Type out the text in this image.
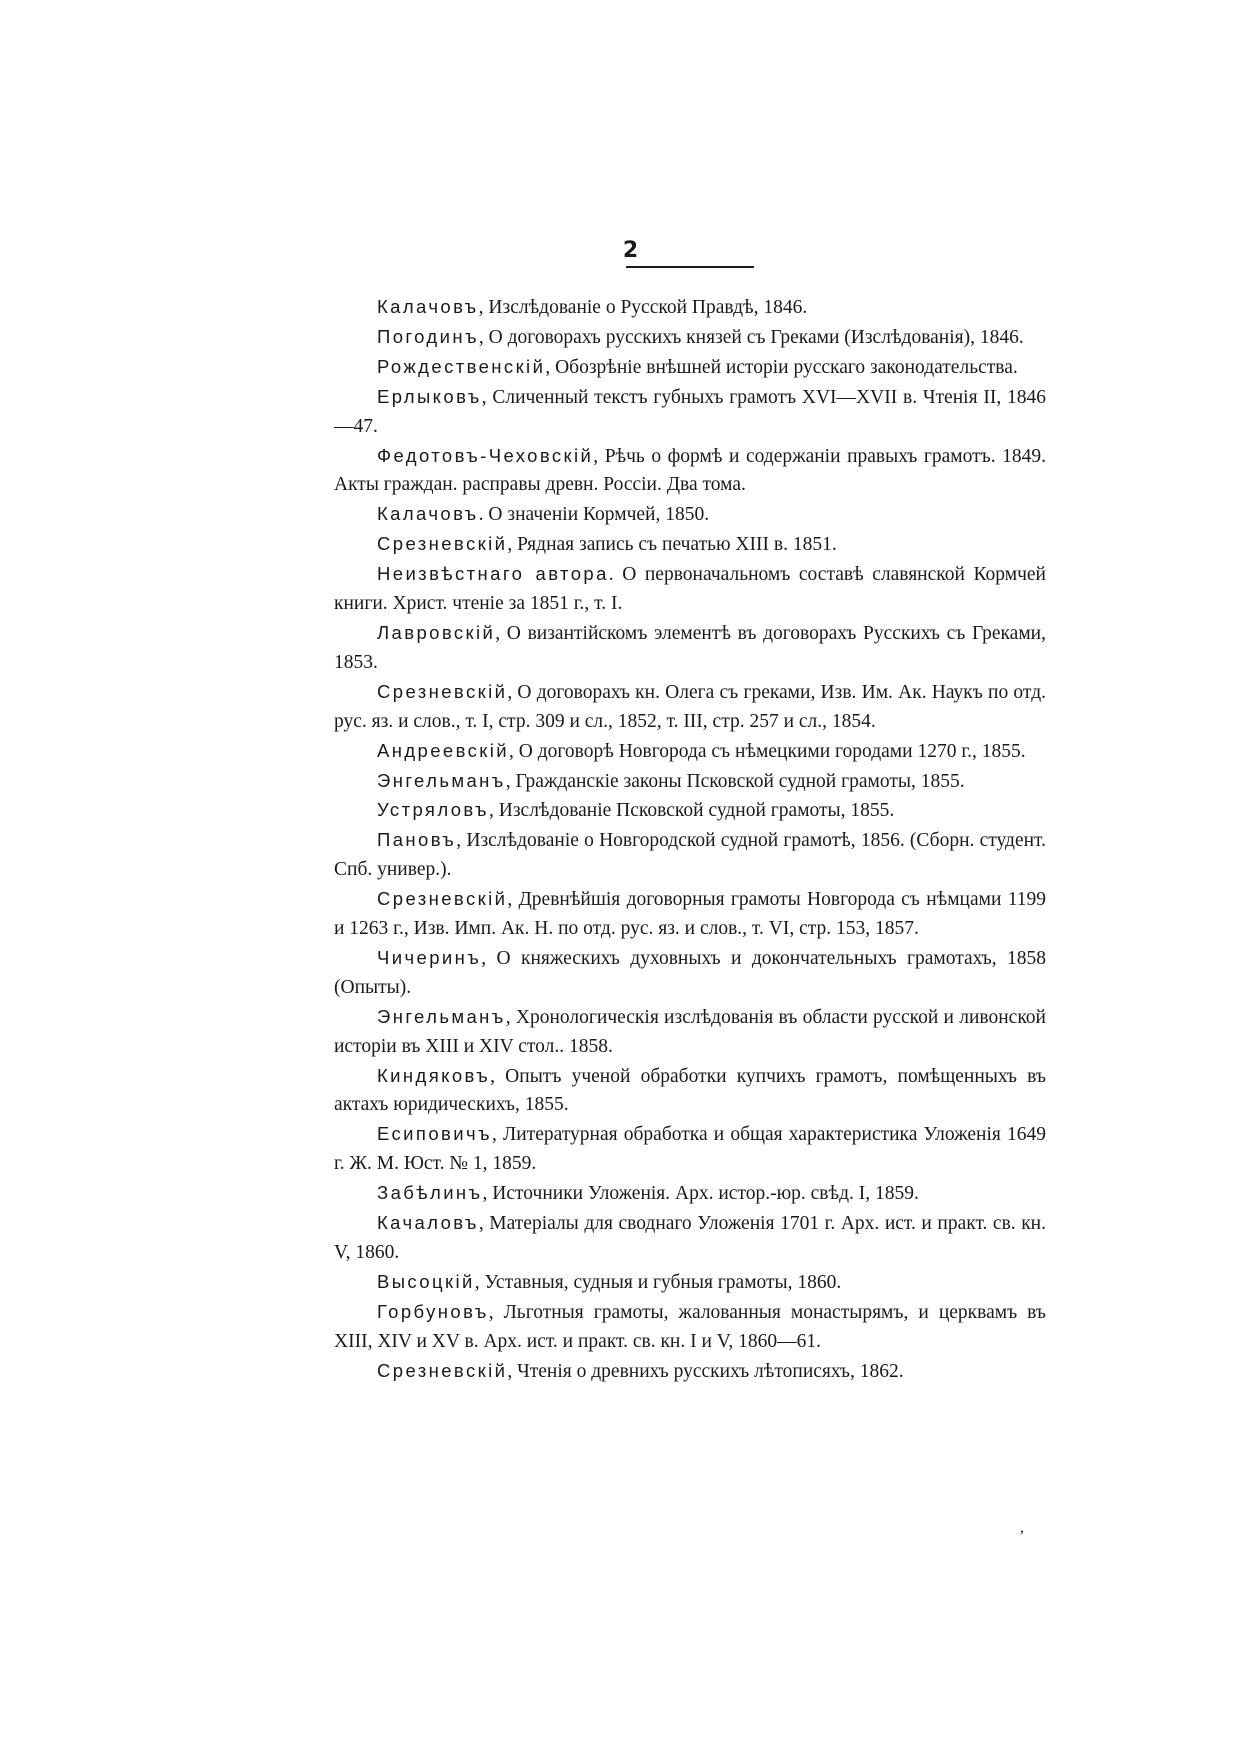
2

Калачовъ, Изслѣдованіе о Русской Правдѣ, 1846.

Погодинъ, О договорахъ русскихъ князей съ Греками (Изслѣдованія), 1846.

Рождественскій, Обозрѣніе внѣшней исторіи русскаго законодательства.

Ерлыковъ, Сличенный текстъ губныхъ грамотъ XVI—XVII в. Чтенія II, 1846—47.

Федотовъ-Чеховскій, Рѣчь о формѣ и содержаніи правыхъ грамотъ. 1849. Акты граждан. расправы древн. Россіи. Два тома.

Калачовъ. О значеніи Кормчей, 1850.

Срезневскій, Рядная запись съ печатью XIII в. 1851.

Неизвѣстнаго автора. О первоначальномъ составѣ славянской Кормчей книги. Христ. чтеніе за 1851 г., т. I.

Лавровскій, О византійскомъ элементѣ въ договорахъ Русскихъ съ Греками, 1853.

Срезневскій, О договорахъ кн. Олега съ греками, Изв. Им. Ак. Наукъ по отд. рус. яз. и слов., т. I, стр. 309 и сл., 1852, т. III, стр. 257 и сл., 1854.

Андреевскій, О договорѣ Новгорода съ нѣмецкими городами 1270 г., 1855.

Энгельманъ, Гражданскіе законы Псковской судной грамоты, 1855.

Устряловъ, Изслѣдованіе Псковской судной грамоты, 1855.

Пановъ, Изслѣдованіе о Новгородской судной грамотѣ, 1856. (Сборн. студент. Спб. универ.).

Срезневскій, Древнѣйшія договорныя грамоты Новгорода съ нѣмцами 1199 и 1263 г., Изв. Имп. Ак. Н. по отд. рус. яз. и слов., т. VI, стр. 153, 1857.

Чичеринъ, О княжескихъ духовныхъ и докончательныхъ грамотахъ, 1858 (Опыты).

Энгельманъ, Хронологическія изслѣдованія въ области русской и ливонской исторіи въ XIII и XIV стол.. 1858.

Киндяковъ, Опытъ ученой обработки купчихъ грамотъ, помѣщенныхъ въ актахъ юридическихъ, 1855.

Есиповичъ, Литературная обработка и общая характеристика Уложенія 1649 г. Ж. М. Юст. № 1, 1859.

Забѣлинъ, Источники Уложенія. Арх. истор.-юр. свѣд. I, 1859.

Качаловъ, Матеріалы для своднаго Уложенія 1701 г. Арх. ист. и практ. св. кн. V, 1860.

Высоцкій, Уставныя, судныя и губныя грамоты, 1860.

Горбуновъ, Льготныя грамоты, жалованныя монастырямъ, и церквамъ въ XIII, XIV и XV в. Арх. ист. и практ. св. кн. I и V, 1860—61.

Срезневскій, Чтенія о древнихъ русскихъ лѣтописяхъ, 1862.

,
